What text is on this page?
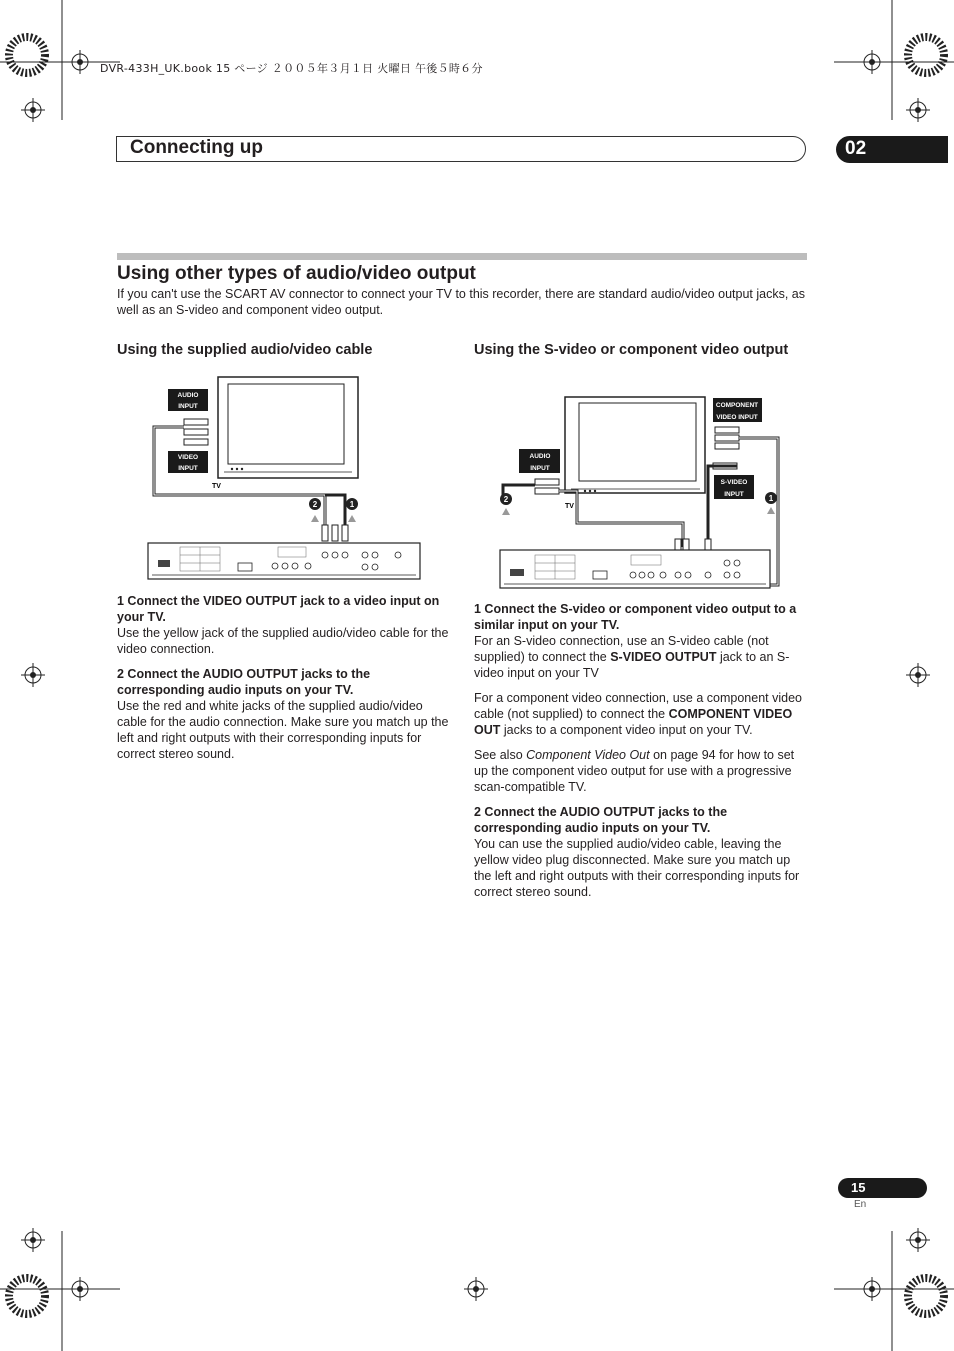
DVR-433H_UK.book 15 ページ ２００５年３月１日 火曜日 午後５時６分
Connecting up	02
Using other types of audio/video output
If you can't use the SCART AV connector to connect your TV to this recorder, there are standard audio/video output jacks, as well as an S-video and component video output.
Using the supplied audio/video cable
TV
AUDIO
INPUT
VIDEO
INPUT
2	1

1 Connect the VIDEO OUTPUT jack to a video input on your TV.

Use the yellow jack of the supplied audio/video cable for the video connection.

2 Connect the AUDIO OUTPUT jacks to the corresponding audio inputs on your TV.

Use the red and white jacks of the supplied audio/video cable for the audio connection. Make sure you match up the left and right outputs with their corresponding inputs for correct stereo sound.

Using the S-video or component video output
TV
COMPONENT
VIDEO INPUT
AUDIO
INPUT
S-VIDEO
INPUT
2	1

1 Connect the S-video or component video output to a similar input on your TV.

For an S-video connection, use an S-video cable (not supplied) to connect the S-VIDEO OUTPUT jack to an S-video input on your TV

For a component video connection, use a component video cable (not supplied) to connect the COMPONENT VIDEO OUT jacks to a component video input on your TV.

See also Component Video Out on page 94 for how to set up the component video output for use with a progressive scan-compatible TV.

2 Connect the AUDIO OUTPUT jacks to the corresponding audio inputs on your TV.

You can use the supplied audio/video cable, leaving the yellow video plug disconnected. Make sure you match up the left and right outputs with their corresponding inputs for correct stereo sound.

15
En
